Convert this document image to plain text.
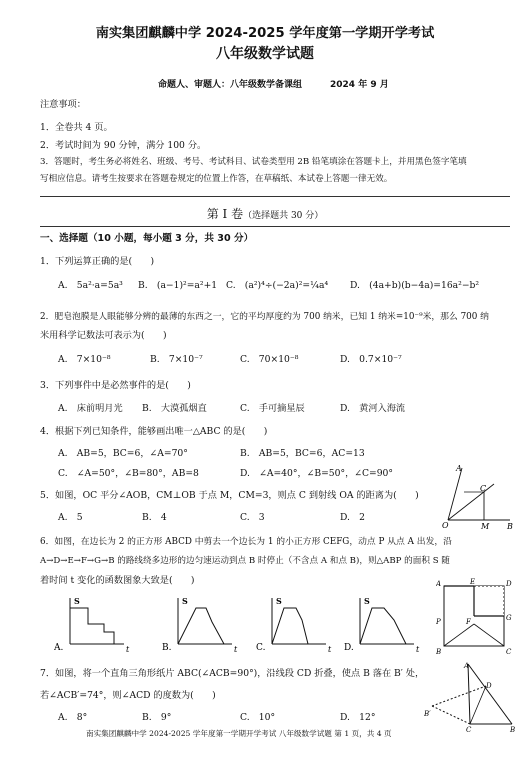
南实集团麒麟中学 2024-2025 学年度第一学期开学考试
八年级数学试题
命题人、审题人：八年级数学备课组	2024 年 9 月
注意事项：
1．全卷共 4 页。
2．考试时间为 90 分钟，满分 100 分。
3．答题时，考生务必将姓名、班级、考号、考试科目、试卷类型用 2B 铅笔填涂在答题卡上，并用黑色签字笔填
写相应信息。请考生按要求在答题卷规定的位置上作答，在草稿纸、本试卷上答题一律无效。
第 Ⅰ 卷（选择题共 30 分）
一、选择题（10 小题，每小题 3 分，共 30 分）
1．下列运算正确的是(　　)
A.　5a²·a=5a³ B.　(a−1)²=a²+1 C.　(a²)⁴÷(−2a)²=¼a⁴ D.　(4a+b)(b−4a)=16a²−b²
2．肥皂泡膜是人眼能够分辨的最薄的东西之一，它的平均厚度约为 700 纳米，已知 1 纳米=10⁻⁹米，那么 700 纳
米用科学记数法可表示为(　　)
A.　7×10⁻⁸	B.　7×10⁻⁷	C.　70×10⁻⁸	D.　0.7×10⁻⁷
3．下列事件中是必然事件的是(　　)
A.　床前明月光 B.　大漠孤烟直	C.　手可摘星辰	D.　黄河入海流
4．根据下列已知条件，能够画出唯一△ABC 的是(　　)
A.　AB=5，BC=6，∠A=70°	B.　AB=5，BC=6，AC=13
C.　∠A=50°，∠B=80°，AB=8	D.　∠A=40°，∠B=50°，∠C=90°
5．如图，OC 平分∠AOB，CM⊥OB 于点 M，CM=3，则点 C 到射线 OA 的距离为(　　)
A.　5	B.　4	C.　3	D.　2
A
C
O	M B
6．如图，在边长为 2 的正方形 ABCD 中剪去一个边长为 1 的小正方形 CEFG，动点 P 从点 A 出发，沿
A→D→E→F→G→B 的路线绕多边形的边匀速运动到点 B 时停止（不含点 A 和点 B)，则△ABP 的面积 S 随
着时间 t 变化的函数图象大致是(　　)
S
t
A.
S
t
B.
S
t
C.
S
t
D.
A	D
E
F	G
B	C
P
7．如图，将一个直角三角形纸片 ABC(∠ACB=90°)，沿线段 CD 折叠，使点 B 落在 B′ 处，
若∠ACB′=74°，则∠ACD 的度数为(　　)
A.　8°	B.　9°	C.　10°	D.　12°
A
D
B′
C	B
南实集团麒麟中学 2024-2025 学年度第一学期开学考试 八年级数学试题 第 1 页，共 4 页
